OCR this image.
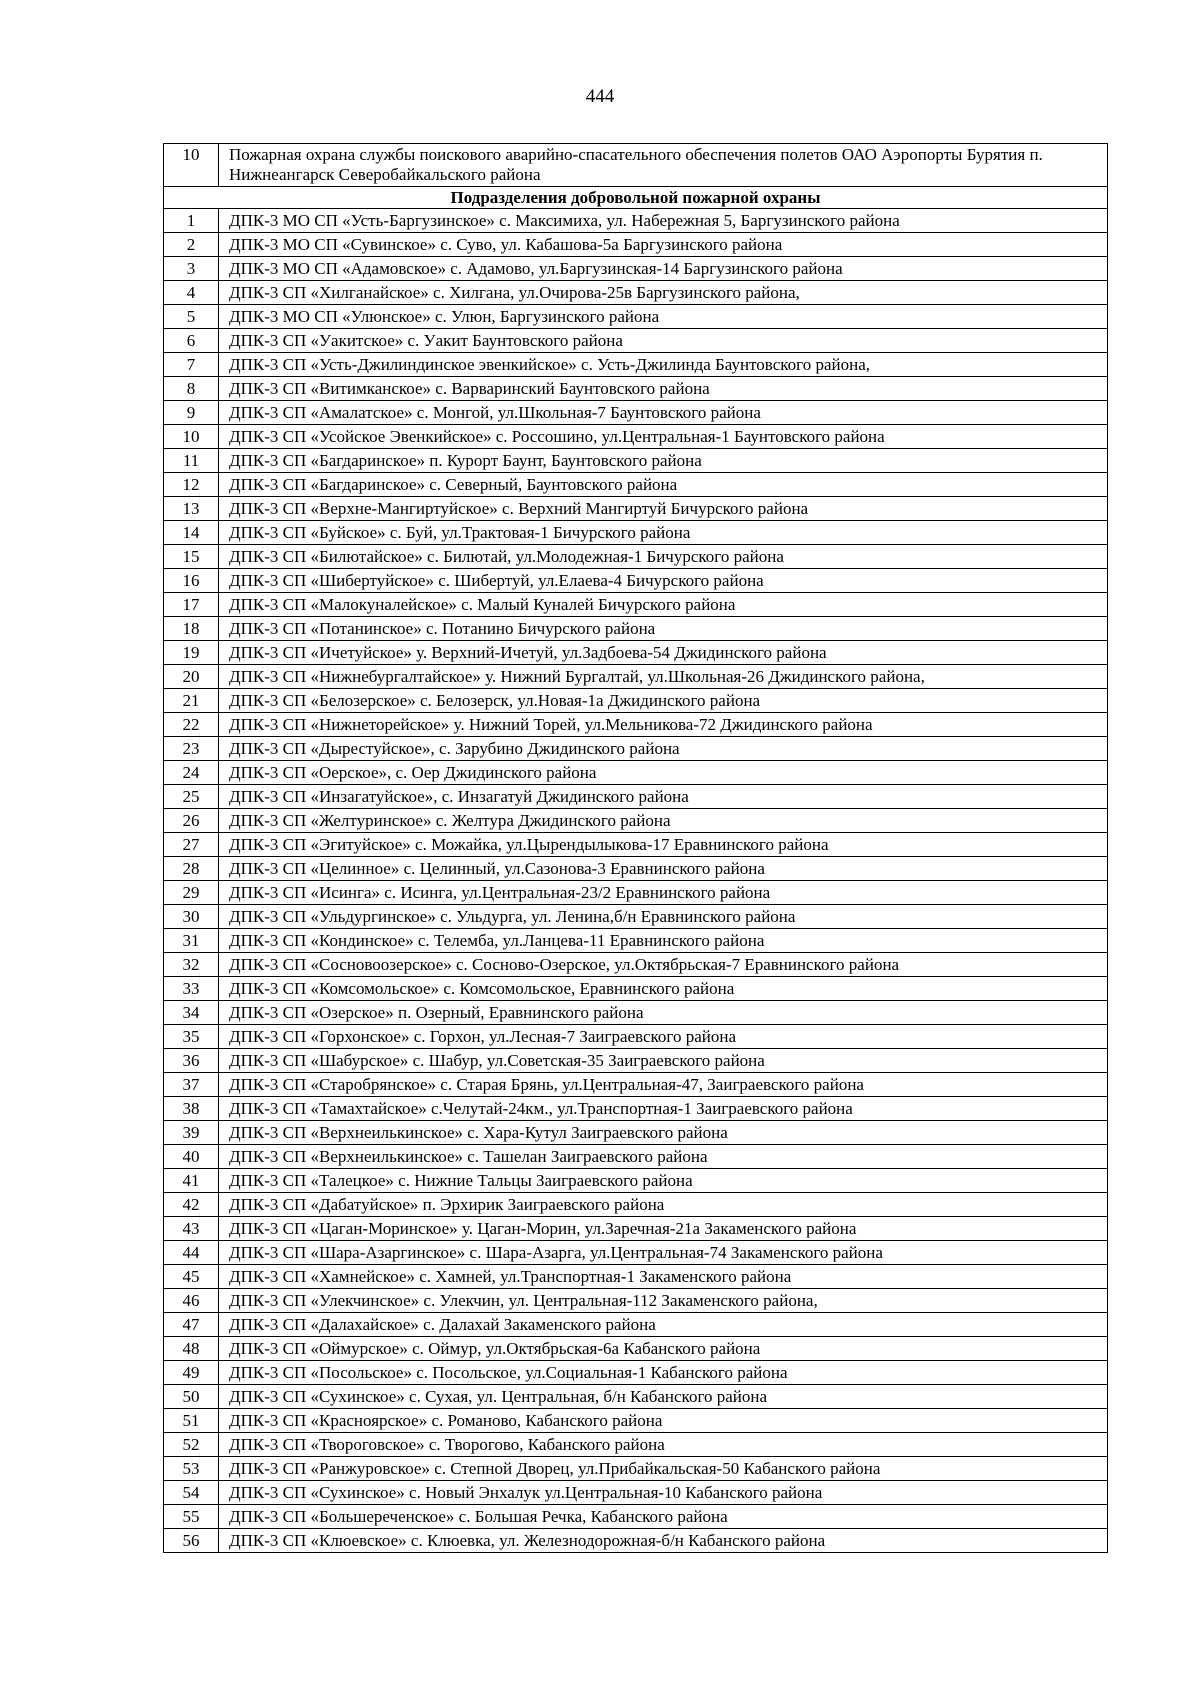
444
10	Пожарная охрана службы поискового аварийно-спасательного обеспечения полетов ОАО Аэропорты Бурятия п. Нижнеангарск Северобайкальского района
Подразделения добровольной пожарной охраны	
1	ДПК-3 МО СП «Усть-Баргузинское» с. Максимиха, ул. Набережная 5, Баргузинского района
2	ДПК-3 МО СП «Сувинское» с. Суво, ул. Кабашова-5а Баргузинского района
3	ДПК-3 МО СП «Адамовское» с. Адамово, ул.Баргузинская-14 Баргузинского района
4	ДПК-3 СП «Хилганайское» с. Хилгана, ул.Очирова-25в Баргузинского района,
5	ДПК-3 МО СП «Улюнское» с. Улюн, Баргузинского района
6	ДПК-3 СП «Уакитское» с. Уакит Баунтовского района
7	ДПК-3 СП «Усть-Джилиндинское эвенкийское» с. Усть-Джилинда Баунтовского района,
8	ДПК-3 СП «Витимканское» с. Варваринский Баунтовского района
9	ДПК-3 СП «Амалатское» с. Монгой, ул.Школьная-7 Баунтовского района
10	ДПК-3 СП «Усойское Эвенкийское» с. Россошино, ул.Центральная-1 Баунтовского района
11	ДПК-3 СП «Багдаринское» п. Курорт Баунт, Баунтовского района
12	ДПК-3 СП «Багдаринское» с. Северный, Баунтовского района
13	ДПК-3 СП «Верхне-Мангиртуйское» с. Верхний Мангиртуй Бичурского района
14	ДПК-3 СП «Буйское» с. Буй, ул.Трактовая-1 Бичурского района
15	ДПК-3 СП «Билютайское» с. Билютай, ул.Молодежная-1 Бичурского района
16	ДПК-3 СП «Шибертуйское» с. Шибертуй, ул.Елаева-4 Бичурского района
17	ДПК-3 СП «Малокуналейское» с. Малый Куналей Бичурского района
18	ДПК-3 СП «Потанинское» с. Потанино Бичурского района
19	ДПК-3 СП «Ичетуйское» у. Верхний-Ичетуй, ул.Задбоева-54 Джидинского района
20	ДПК-3 СП «Нижнебургалтайское» у. Нижний Бургалтай, ул.Школьная-26 Джидинского района,
21	ДПК-3 СП «Белозерское» с. Белозерск, ул.Новая-1а Джидинского района
22	ДПК-3 СП «Нижнеторейское» у. Нижний Торей, ул.Мельникова-72 Джидинского района
23	ДПК-3 СП «Дырестуйское», с. Зарубино Джидинского района
24	ДПК-3 СП «Оерское», с. Оер Джидинского района
25	ДПК-3 СП «Инзагатуйское», с. Инзагатуй Джидинского района
26	ДПК-3 СП «Желтуринское» с. Желтура Джидинского района
27	ДПК-3 СП «Эгитуйское» с. Можайка, ул.Цырендылыкова-17 Еравнинского района
28	ДПК-3 СП «Целинное» с. Целинный, ул.Сазонова-3 Еравнинского района
29	ДПК-3 СП «Исинга» с. Исинга, ул.Центральная-23/2 Еравнинского района
30	ДПК-3 СП «Ульдургинское» с. Ульдурга, ул. Ленина,б/н Еравнинского района
31	ДПК-3 СП «Кондинское» с. Телемба, ул.Ланцева-11 Еравнинского района
32	ДПК-3 СП «Сосновоозерское» с. Сосново-Озерское, ул.Октябрьская-7 Еравнинского района
33	ДПК-3 СП «Комсомольское» с. Комсомольское, Еравнинского района
34	ДПК-3 СП «Озерское» п. Озерный, Еравнинского района
35	ДПК-3 СП «Горхонское» с. Горхон, ул.Лесная-7 Заиграевского района
36	ДПК-3 СП «Шабурское» с. Шабур, ул.Советская-35 Заиграевского района
37	ДПК-3 СП «Старобрянское» с. Старая Брянь, ул.Центральная-47, Заиграевского района
38	ДПК-3 СП «Тамахтайское» с.Челутай-24км., ул.Транспортная-1 Заиграевского района
39	ДПК-3 СП «Верхнеилькинское» с. Хара-Кутул Заиграевского района
40	ДПК-3 СП «Верхнеилькинское» с. Ташелан Заиграевского района
41	ДПК-3 СП «Талецкое» с. Нижние Тальцы Заиграевского района
42	ДПК-3 СП «Дабатуйское» п. Эрхирик Заиграевского района
43	ДПК-3 СП «Цаган-Моринское» у. Цаган-Морин, ул.Заречная-21а Закаменского района
44	ДПК-3 СП «Шара-Азаргинское» с. Шара-Азарга, ул.Центральная-74 Закаменского района
45	ДПК-3 СП «Хамнейское» с. Хамней, ул.Транспортная-1 Закаменского района
46	ДПК-3 СП «Улекчинское» с. Улекчин, ул. Центральная-112 Закаменского района,
47	ДПК-3 СП «Далахайское» с. Далахай Закаменского района
48	ДПК-3 СП «Оймурское» с. Оймур, ул.Октябрьская-6а Кабанского района
49	ДПК-3 СП «Посольское» с. Посольское, ул.Социальная-1 Кабанского района
50	ДПК-3 СП «Сухинское» с. Сухая, ул. Центральная, б/н Кабанского района
51	ДПК-3 СП «Красноярское» с. Романово, Кабанского района
52	ДПК-3 СП «Твороговское» с. Творогово, Кабанского района
53	ДПК-3 СП «Ранжуровское» с. Степной Дворец, ул.Прибайкальская-50 Кабанского района
54	ДПК-3 СП «Сухинское» с. Новый Энхалук ул.Центральная-10 Кабанского района
55	ДПК-3 СП «Большереченское» с. Большая Речка, Кабанского района
56	ДПК-3 СП «Клюевское» с. Клюевка, ул. Железнодорожная-б/н Кабанского района
